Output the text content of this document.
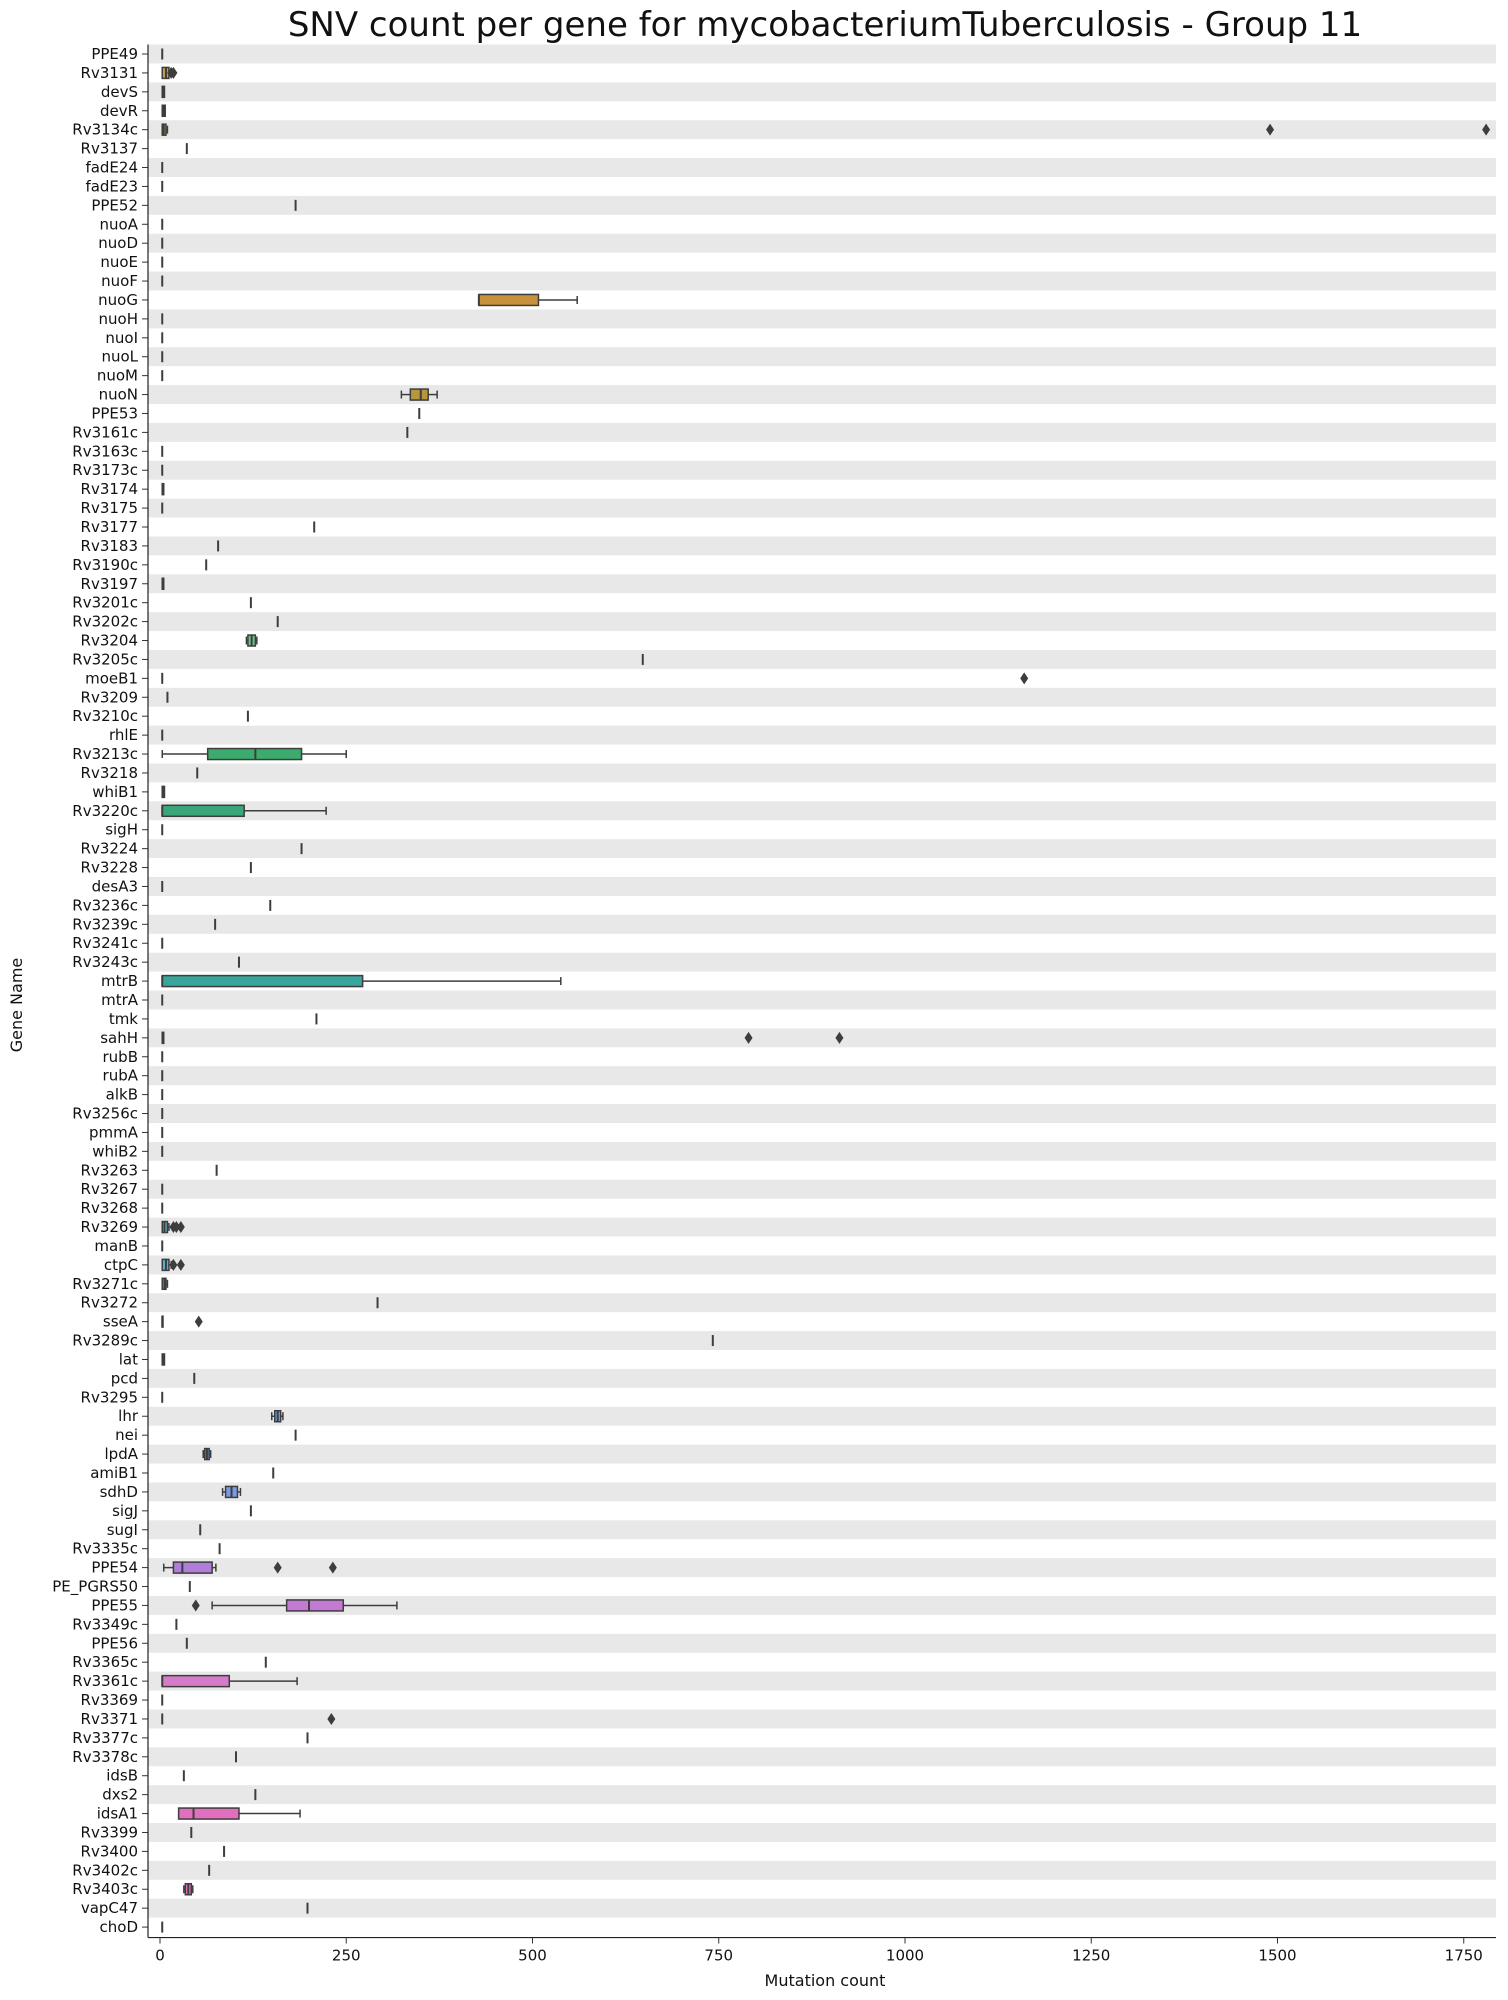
PPE49
Rv3131
devS
devR
Rv3134c
Rv3137
fadE24
fadE23
PPE52
nuoA
nuoD
nuoE
nuoF
nuoG
nuoH
nuoI
nuoL
nuoM
nuoN
PPE53
Rv3161c
Rv3163c
Rv3173c
Rv3174
Rv3175
Rv3177
Rv3183
Rv3190c
Rv3197
Rv3201c
Rv3202c
Rv3204
Rv3205c
moeB1
Rv3209
Rv3210c
rhlE
Rv3213c
Rv3218
whiB1
Rv3220c
sigH
Rv3224
Rv3228
desA3
Rv3236c
Rv3239c
Rv3241c
Rv3243c
mtrB
mtrA
tmk
sahH
rubB
rubA
alkB
Rv3256c
pmmA
whiB2
Rv3263
Rv3267
Rv3268
Rv3269
manB
ctpC
Rv3271c
Rv3272
sseA
Rv3289c
lat
pcd
Rv3295
lhr
nei
lpdA
amiB1
sdhD
sigJ
sugI
Rv3335c
PPE54
PE_PGRS50
PPE55
Rv3349c
PPE56
Rv3365c
Rv3361c
Rv3369
Rv3371
Rv3377c
Rv3378c
idsB
dxs2
idsA1
Rv3399
Rv3400
Rv3402c
Rv3403c
vapC47
choD
0	250	500	750	1000	1250	1500	1750
SNV count per gene for mycobacteriumTuberculosis - Group 11
Mutation count
Gene Name
